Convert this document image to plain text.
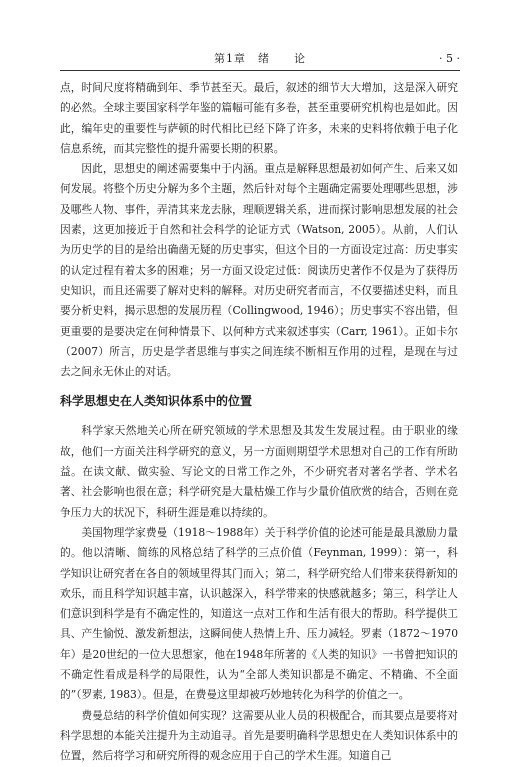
第1章　绪　　论	· 5 ·

点，时间尺度将精确到年、季节甚至天。最后，叙述的细节大大增加，这是深入研究的必然。全球主要国家科学年鉴的篇幅可能有多卷，甚至重要研究机构也是如此。因此，编年史的重要性与萨顿的时代相比已经下降了许多，未来的史料将依赖于电子化信息系统，而其完整性的提升需要长期的积累。

因此，思想史的阐述需要集中于内涵。重点是解释思想最初如何产生、后来又如何发展。将整个历史分解为多个主题，然后针对每个主题确定需要处理哪些思想，涉及哪些人物、事件，弄清其来龙去脉，理顺逻辑关系，进而探讨影响思想发展的社会因素，这更加接近于自然和社会科学的论证方式（Watson, 2005）。从前，人们认为历史学的目的是给出确凿无疑的历史事实，但这个目的一方面设定过高：历史事实的认定过程有着太多的困难；另一方面又设定过低：阅读历史著作不仅是为了获得历史知识，而且还需要了解对史料的解释。对历史研究者而言，不仅要描述史料，而且要分析史料，揭示思想的发展历程（Collingwood, 1946）；历史事实不容出错，但更重要的是要决定在何种情景下、以何种方式来叙述事实（Carr, 1961）。正如卡尔（2007）所言，历史是学者思维与事实之间连续不断相互作用的过程，是现在与过去之间永无休止的对话。

科学思想史在人类知识体系中的位置

科学家天然地关心所在研究领域的学术思想及其发生发展过程。由于职业的缘故，他们一方面关注科学研究的意义，另一方面则期望学术思想对自己的工作有所助益。在读文献、做实验、写论文的日常工作之外，不少研究者对著名学者、学术名著、社会影响也很在意；科学研究是大量枯燥工作与少量价值欣赏的结合，否则在竞争压力大的状况下，科研生涯是难以持续的。

美国物理学家费曼（1918～1988年）关于科学价值的论述可能是最具激励力量的。他以清晰、简练的风格总结了科学的三点价值（Feynman, 1999）：第一，科学知识让研究者在各自的领域里得其门而入；第二，科学研究给人们带来获得新知的欢乐，而且科学知识越丰富，认识越深入，科学带来的快感就越多；第三，科学让人们意识到科学是有不确定性的，知道这一点对工作和生活有很大的帮助。科学提供工具、产生愉悦、激发新想法，这瞬间使人热情上升、压力减轻。罗素（1872～1970年）是20世纪的一位大思想家，他在1948年所著的《人类的知识》一书曾把知识的不确定性看成是科学的局限性，认为“全部人类知识都是不确定、不精确、不全面的”（罗素, 1983）。但是，在费曼这里却被巧妙地转化为科学的价值之一。

费曼总结的科学价值如何实现？这需要从业人员的积极配合，而其要点是要将对科学思想的本能关注提升为主动追寻。首先是要明确科学思想史在人类知识体系中的位置，然后将学习和研究所得的观念应用于自己的学术生涯。知道自己
